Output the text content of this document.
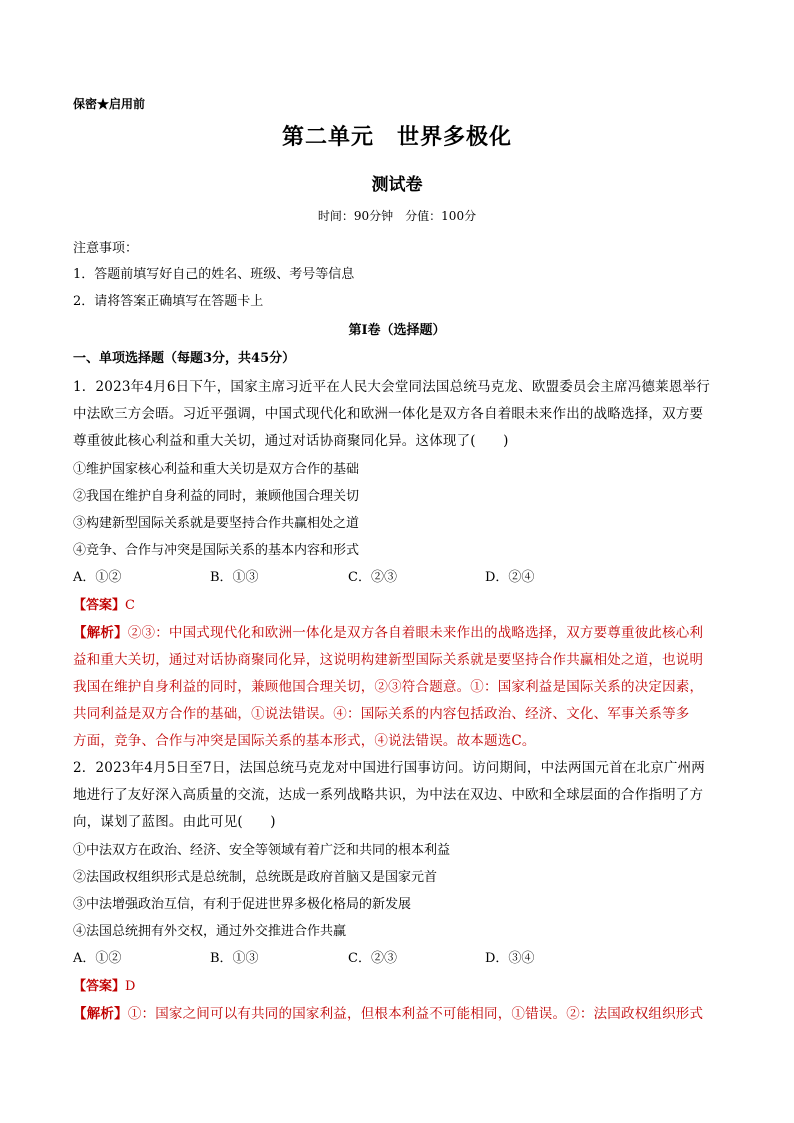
保密★启用前
第二单元　世界多极化
测试卷
时间：90分钟　分值：100分
注意事项：
1．答题前填写好自己的姓名、班级、考号等信息
2．请将答案正确填写在答题卡上
第I卷（选择题）
一、单项选择题（每题3分，共45分）
1．2023年4月6日下午，国家主席习近平在人民大会堂同法国总统马克龙、欧盟委员会主席冯德莱恩举行
中法欧三方会晤。习近平强调，中国式现代化和欧洲一体化是双方各自着眼未来作出的战略选择，双方要
尊重彼此核心利益和重大关切，通过对话协商聚同化异。这体现了(　　)
①维护国家核心利益和重大关切是双方合作的基础
②我国在维护自身利益的同时，兼顾他国合理关切
③构建新型国际关系就是要坚持合作共赢相处之道
④竞争、合作与冲突是国际关系的基本内容和形式
A．①②	B．①③	C．②③	D．②④
【答案】C
【解析】②③：中国式现代化和欧洲一体化是双方各自着眼未来作出的战略选择，双方要尊重彼此核心利
益和重大关切，通过对话协商聚同化异，这说明构建新型国际关系就是要坚持合作共赢相处之道，也说明
我国在维护自身利益的同时，兼顾他国合理关切，②③符合题意。①：国家利益是国际关系的决定因素，
共同利益是双方合作的基础，①说法错误。④：国际关系的内容包括政治、经济、文化、军事关系等多
方面，竞争、合作与冲突是国际关系的基本形式，④说法错误。故本题选C。
2．2023年4月5日至7日，法国总统马克龙对中国进行国事访问。访问期间，中法两国元首在北京广州两
地进行了友好深入高质量的交流，达成一系列战略共识，为中法在双边、中欧和全球层面的合作指明了方
向，谋划了蓝图。由此可见(　　)
①中法双方在政治、经济、安全等领域有着广泛和共同的根本利益
②法国政权组织形式是总统制，总统既是政府首脑又是国家元首
③中法增强政治互信，有利于促进世界多极化格局的新发展
④法国总统拥有外交权，通过外交推进合作共赢
A．①②	B．①③	C．②③	D．③④
【答案】D
【解析】①：国家之间可以有共同的国家利益，但根本利益不可能相同，①错误。②：法国政权组织形式
